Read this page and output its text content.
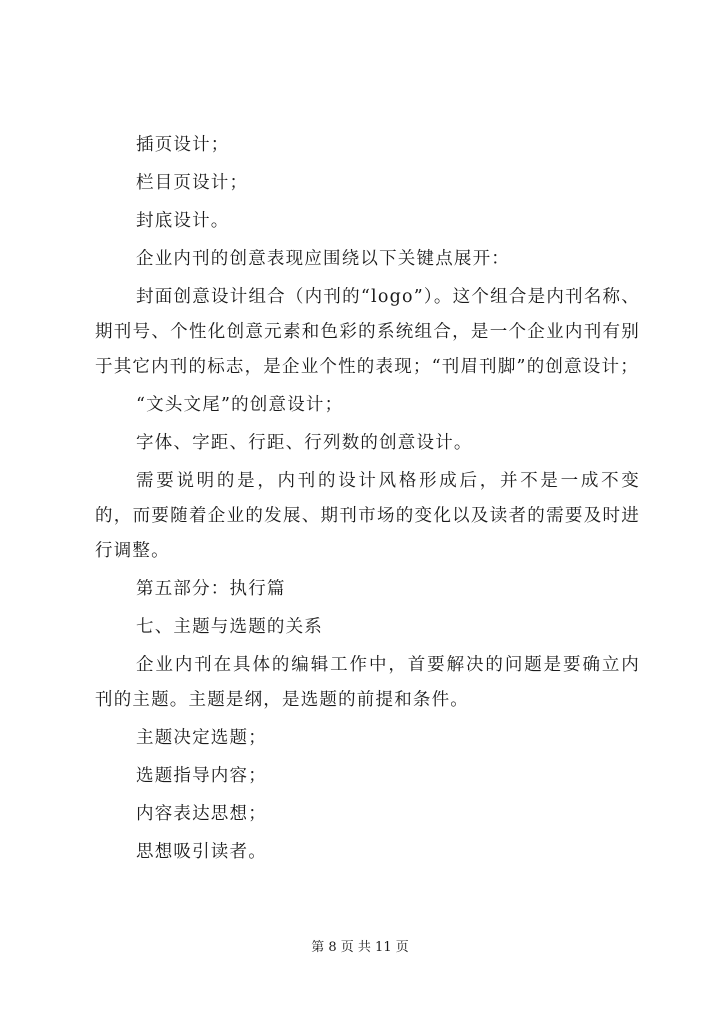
插页设计；

栏目页设计；

封底设计。

企业内刊的创意表现应围绕以下关键点展开：

封面创意设计组合（内刊的“logo”）。这个组合是内刊名称、期刊号、个性化创意元素和色彩的系统组合，是一个企业内刊有别于其它内刊的标志，是企业个性的表现；“刊眉刊脚”的创意设计；

“文头文尾”的创意设计；

字体、字距、行距、行列数的创意设计。

需要说明的是，内刊的设计风格形成后，并不是一成不变的，而要随着企业的发展、期刊市场的变化以及读者的需要及时进行调整。

第五部分：执行篇

七、主题与选题的关系

企业内刊在具体的编辑工作中，首要解决的问题是要确立内刊的主题。主题是纲，是选题的前提和条件。

主题决定选题；

选题指导内容；

内容表达思想；

思想吸引读者。

第 8 页 共 11 页
